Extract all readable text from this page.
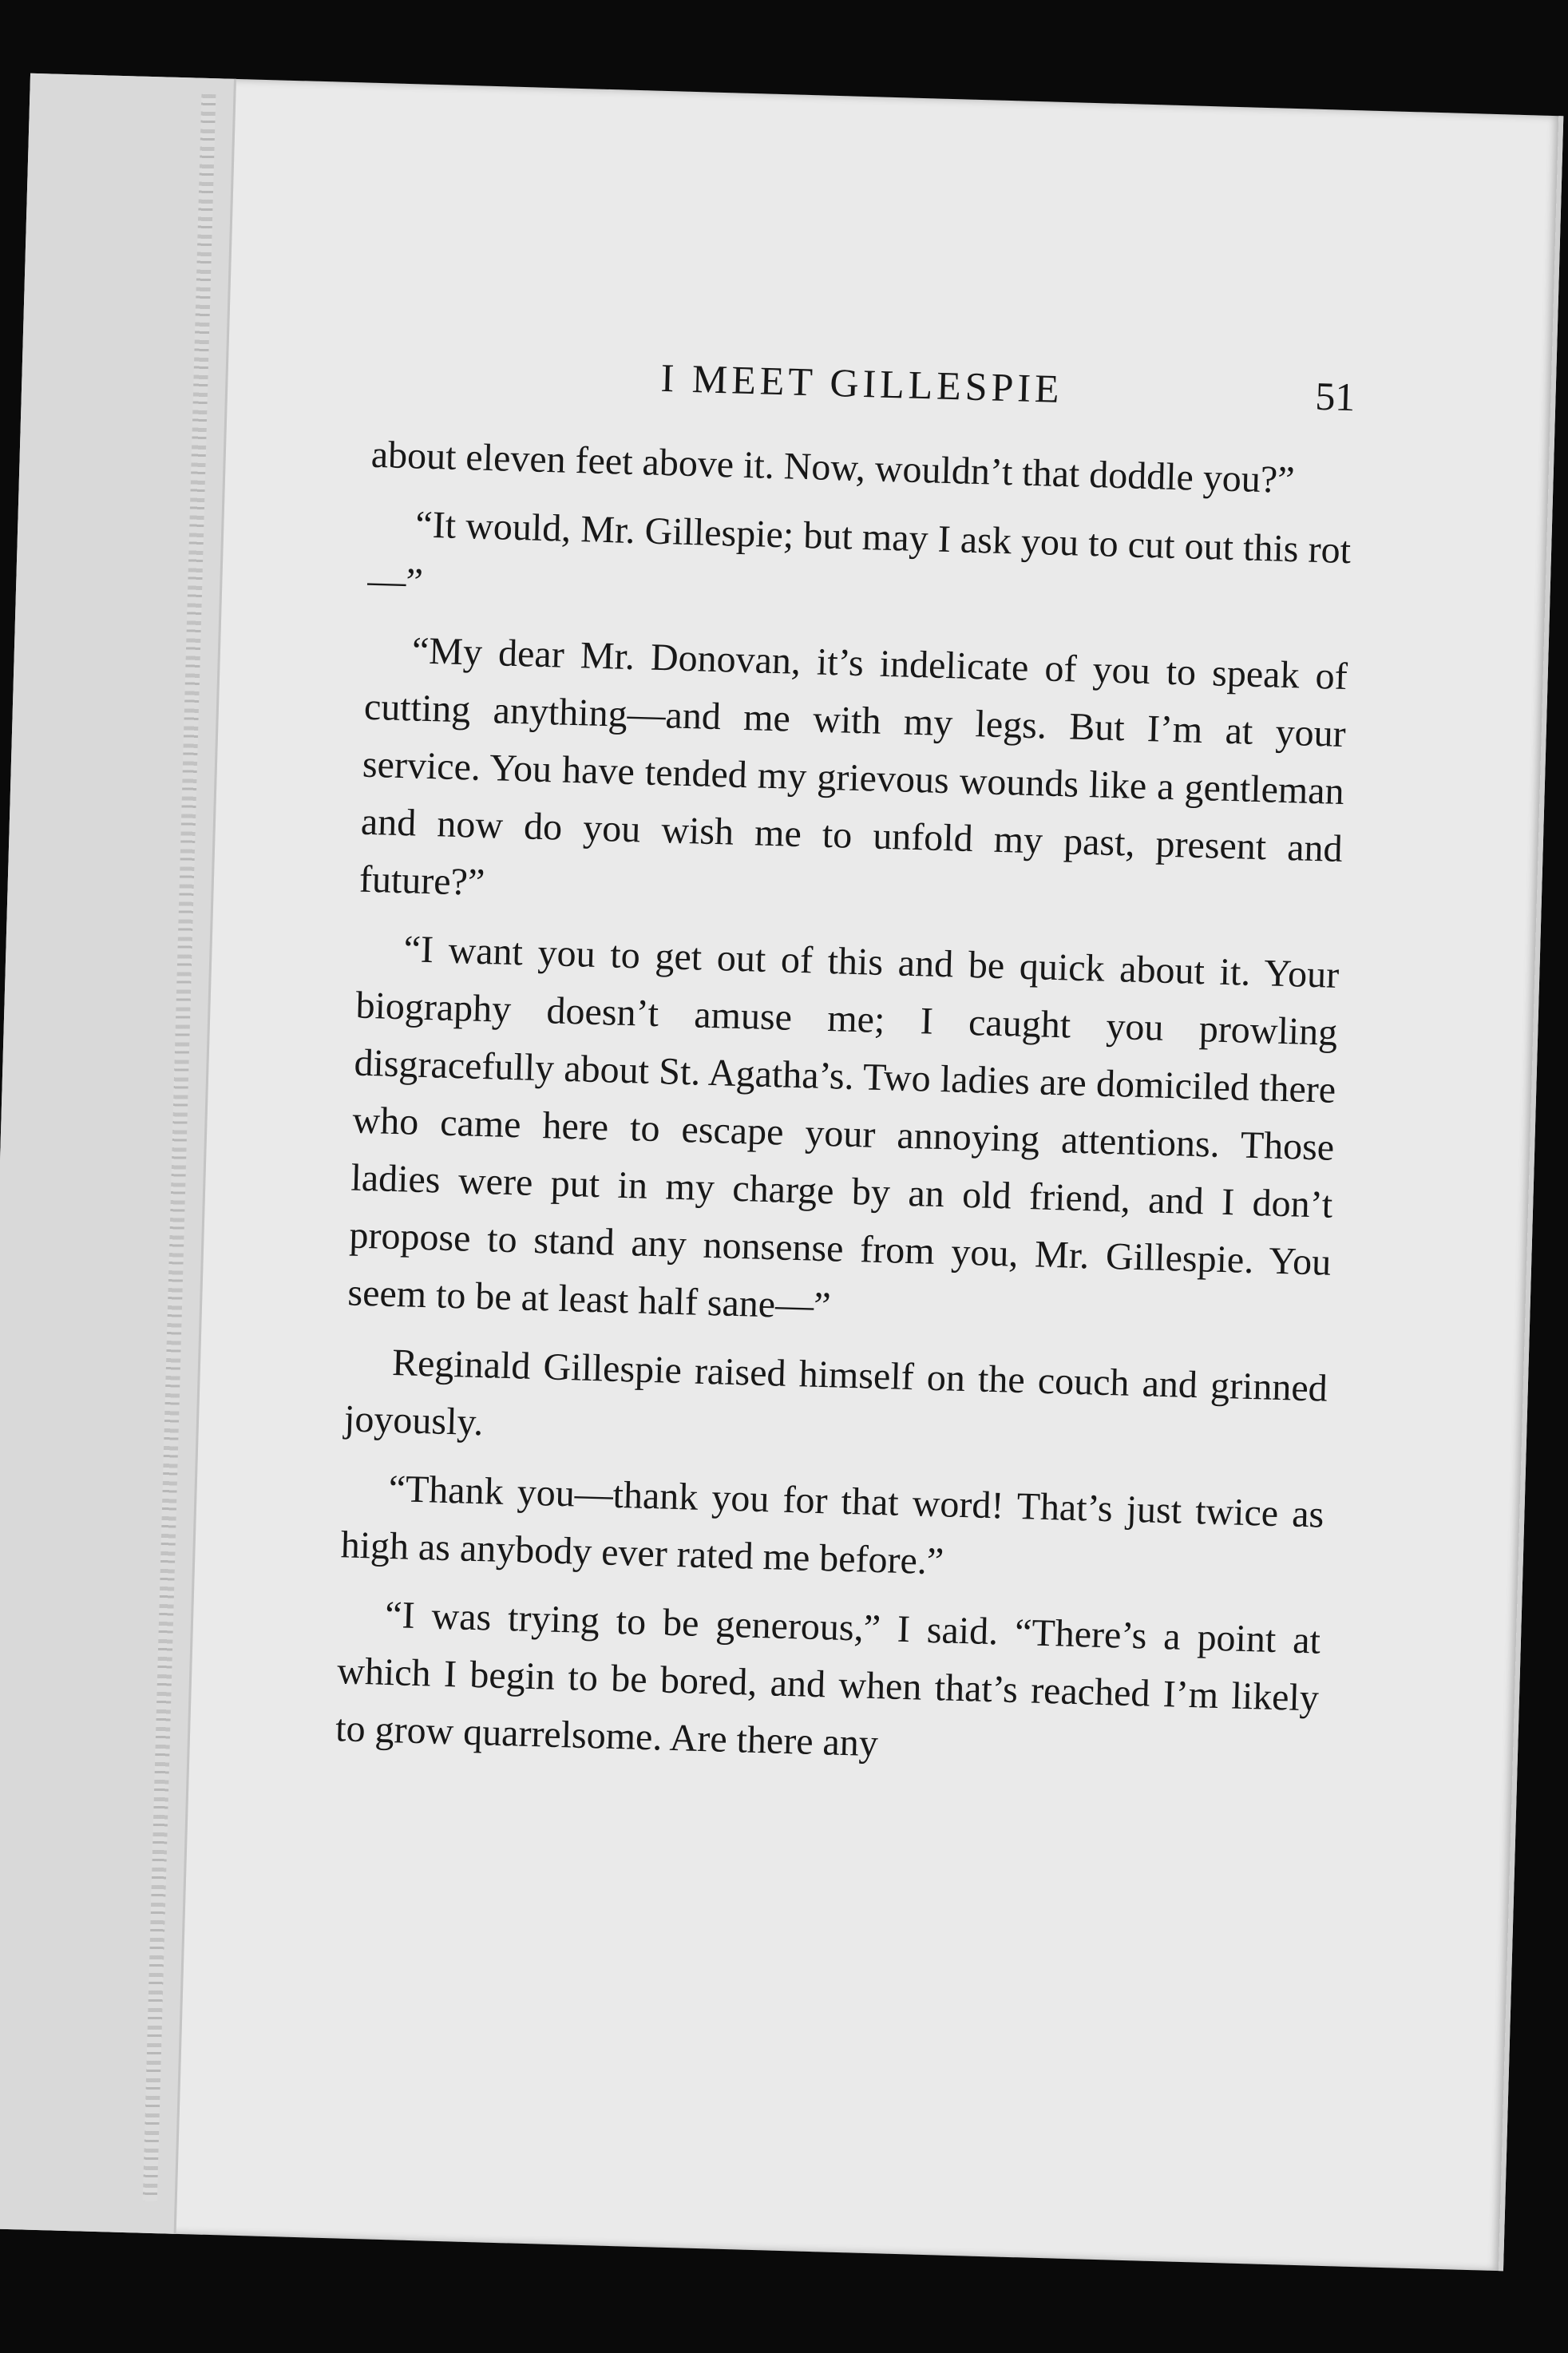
I MEET GILLESPIE	51

about eleven feet above it. Now, wouldn’t that doddle you?”

“It would, Mr. Gillespie; but may I ask you to cut out this rot—”

“My dear Mr. Donovan, it’s indelicate of you to speak of cutting anything—and me with my legs. But I’m at your service. You have tended my grievous wounds like a gentleman and now do you wish me to unfold my past, present and future?”

“I want you to get out of this and be quick about it. Your biography doesn’t amuse me; I caught you prowling disgracefully about St. Agatha’s. Two ladies are domiciled there who came here to escape your annoying attentions. Those ladies were put in my charge by an old friend, and I don’t propose to stand any nonsense from you, Mr. Gillespie. You seem to be at least half sane—”

Reginald Gillespie raised himself on the couch and grinned joyously.

“Thank you—thank you for that word! That’s just twice as high as anybody ever rated me before.”

“I was trying to be generous,” I said. “There’s a point at which I begin to be bored, and when that’s reached I’m likely to grow quarrelsome. Are there any
